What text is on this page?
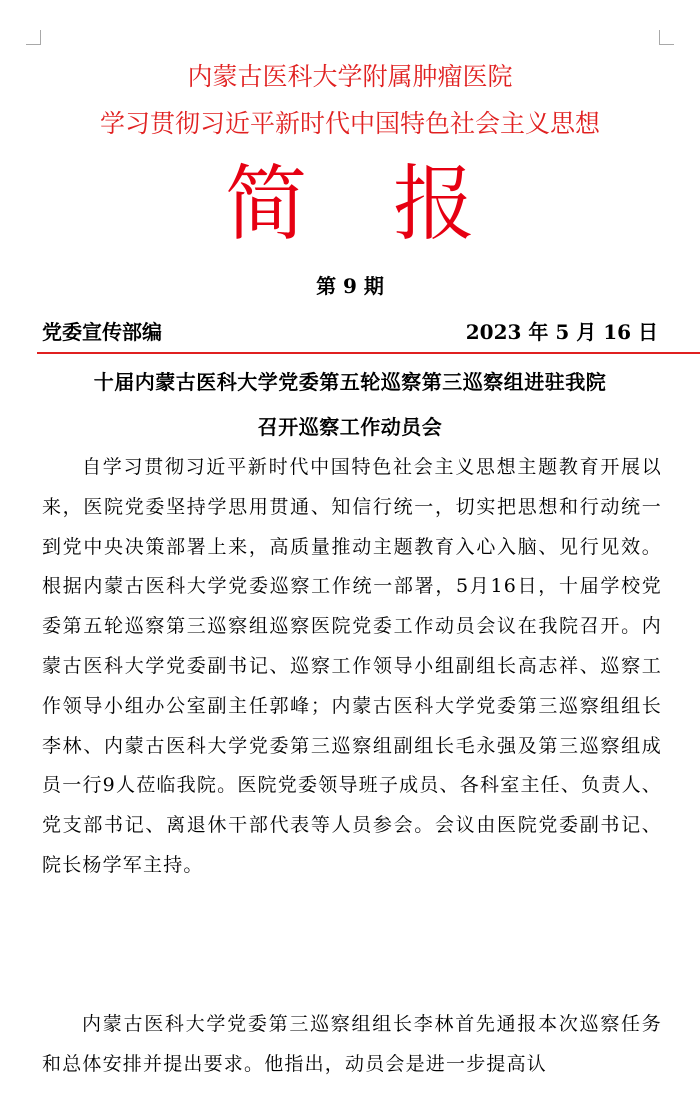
内蒙古医科大学附属肿瘤医院
学习贯彻习近平新时代中国特色社会主义思想
简 报
第 9 期
党委宣传部编	2023 年 5 月 16 日
十届内蒙古医科大学党委第五轮巡察第三巡察组进驻我院
召开巡察工作动员会

自学习贯彻习近平新时代中国特色社会主义思想主题教育开展以来，医院党委坚持学思用贯通、知信行统一，切实把思想和行动统一到党中央决策部署上来，高质量推动主题教育入心入脑、见行见效。根据内蒙古医科大学党委巡察工作统一部署，5月16日，十届学校党委第五轮巡察第三巡察组巡察医院党委工作动员会议在我院召开。内蒙古医科大学党委副书记、巡察工作领导小组副组长高志祥、巡察工作领导小组办公室副主任郭峰；内蒙古医科大学党委第三巡察组组长李林、内蒙古医科大学党委第三巡察组副组长毛永强及第三巡察组成员一行9人莅临我院。医院党委领导班子成员、各科室主任、负责人、党支部书记、离退休干部代表等人员参会。会议由医院党委副书记、院长杨学军主持。

内蒙古医科大学党委第三巡察组组长李林首先通报本次巡察任务和总体安排并提出要求。他指出，动员会是进一步提高认
